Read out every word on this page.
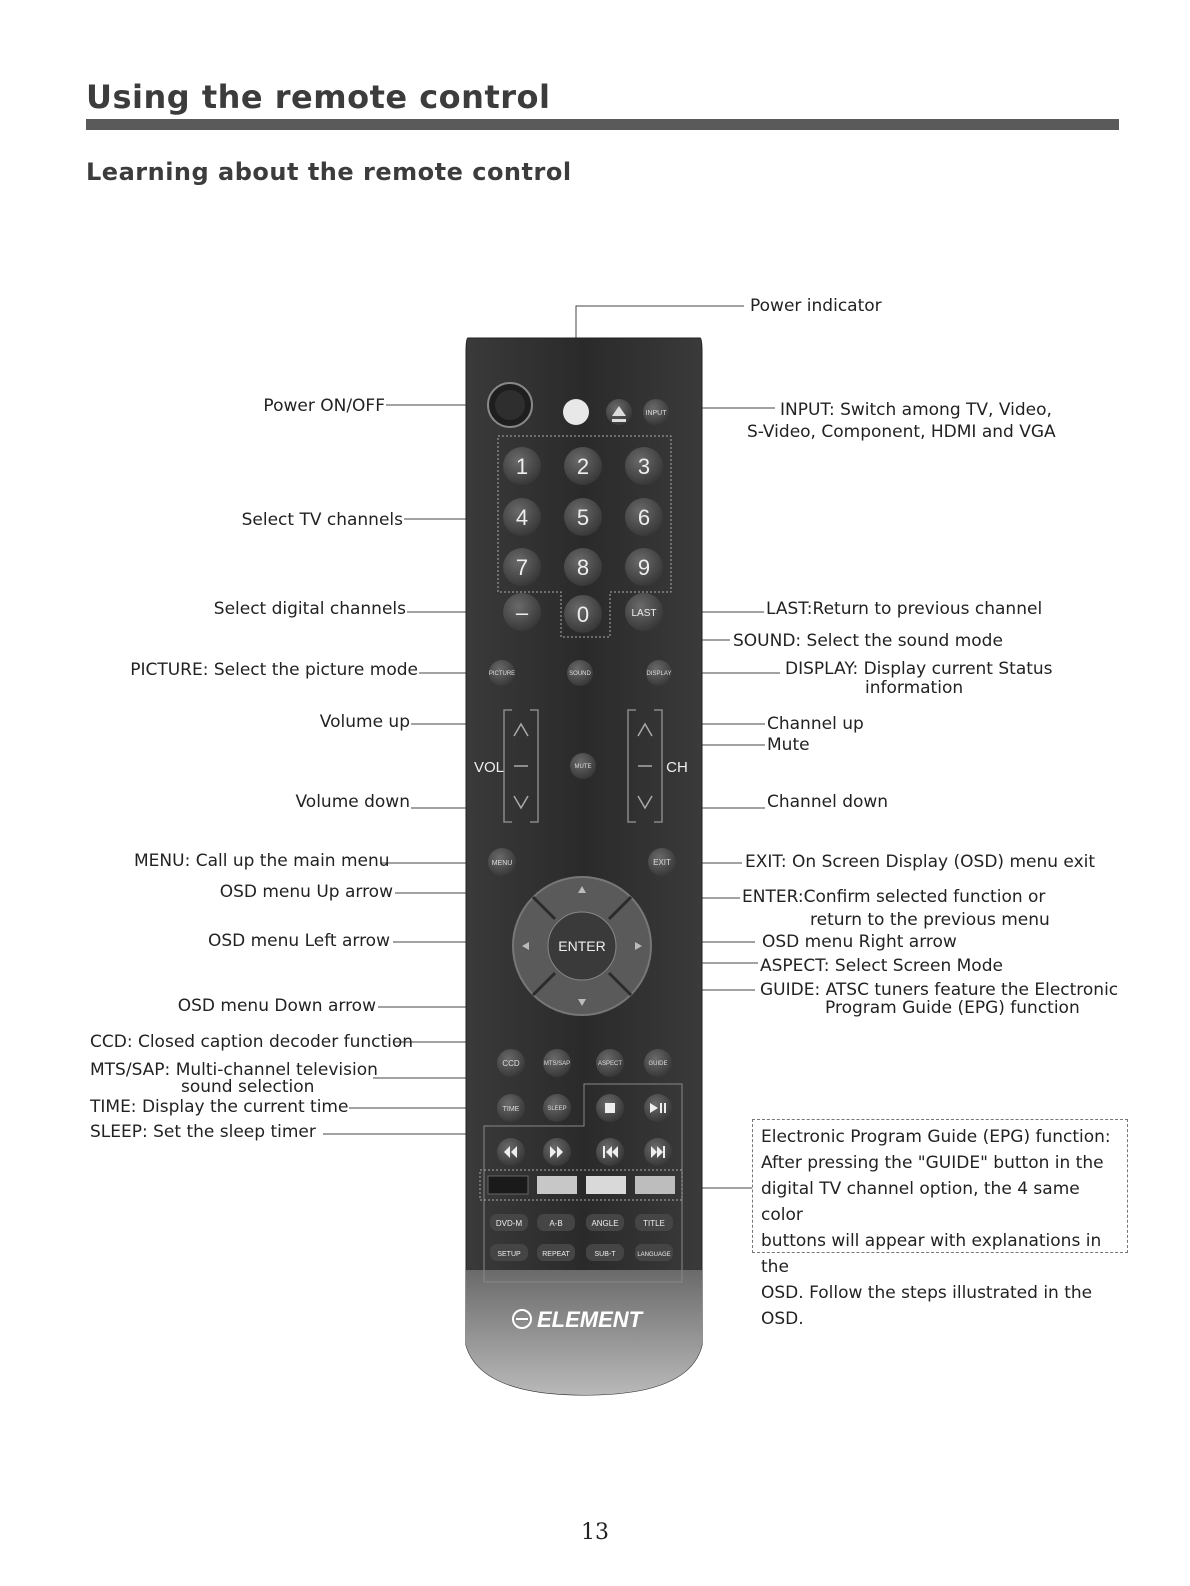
Using the remote control
Learning about the remote control
INPUT
1 2 3
4 5 6
7 8 9
– 0	LAST
PICTURE	SOUND	DISPLAY
VOL	CH
MUTE
MENU	EXIT
ENTER
CCD	MTS/SAP	ASPECT	GUIDE
TIME	SLEEP
DVD-M	A-B	ANGLE	TITLE
SETUP	REPEAT	SUB-T	LANGUAGE
ELEMENT
Power indicator
Power ON/OFF	INPUT: Switch among TV, Video,
S-Video, Component, HDMI and VGA
Select TV channels
Select digital channels	LAST:Return to previous channel
SOUND: Select the sound mode
PICTURE: Select the picture mode	DISPLAY: Display current Status
information
Volume up	Channel up
Mute
Volume down	Channel down
MENU: Call up the main menu	EXIT: On Screen Display (OSD) menu exit
OSD menu Up arrow	ENTER:Confirm selected function or
return to the previous menu
OSD menu Left arrow	OSD menu Right arrow
ASPECT: Select Screen Mode
OSD menu Down arrow
GUIDE: ATSC tuners feature the Electronic
Program Guide (EPG) function
CCD: Closed caption decoder function
MTS/SAP: Multi-channel television
sound selection
TIME: Display the current time
SLEEP: Set the sleep timer	Electronic Program Guide (EPG) function:
After pressing the "GUIDE" button in the
digital TV channel option, the 4 same color
buttons will appear with explanations in the
OSD. Follow the steps illustrated in the OSD.
13
